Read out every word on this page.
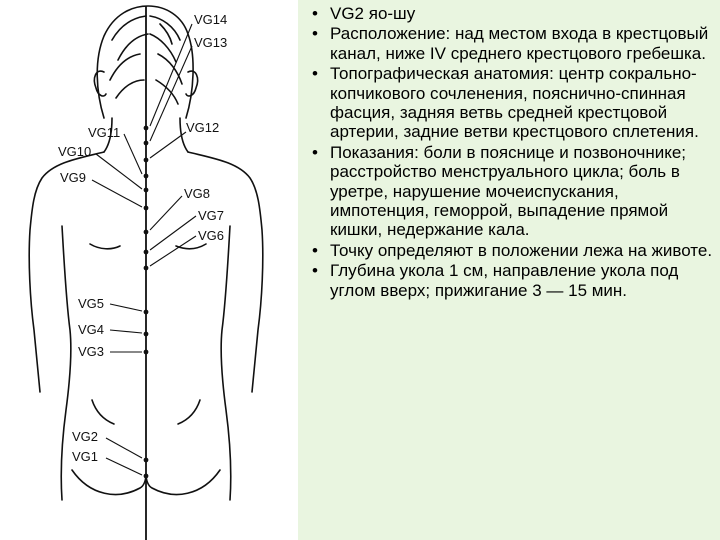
VG14
VG13
VG12
VG11
VG10
VG9
VG8
VG7
VG6
VG5
VG4
VG3
VG2
VG1
• VG2 яо-шу
• Расположение: над местом входа в крестцовый канал, ниже IV среднего крестцового гребешка.
• Топографическая анатомия: центр сокрально-копчикового сочленения, пояснично-спинная фасция, задняя ветвь средней крестцовой артерии, задние ветви крестцового сплетения.
• Показания: боли в пояснице и позвоночнике; расстройство менструального цикла; боль в уретре, нарушение мочеиспускания, импотенция, геморрой, выпадение прямой кишки, недержание кала.
• Точку определяют в положении лежа на животе.
• Глубина укола 1 см, направление укола под углом вверх; прижигание 3 — 15 мин.
